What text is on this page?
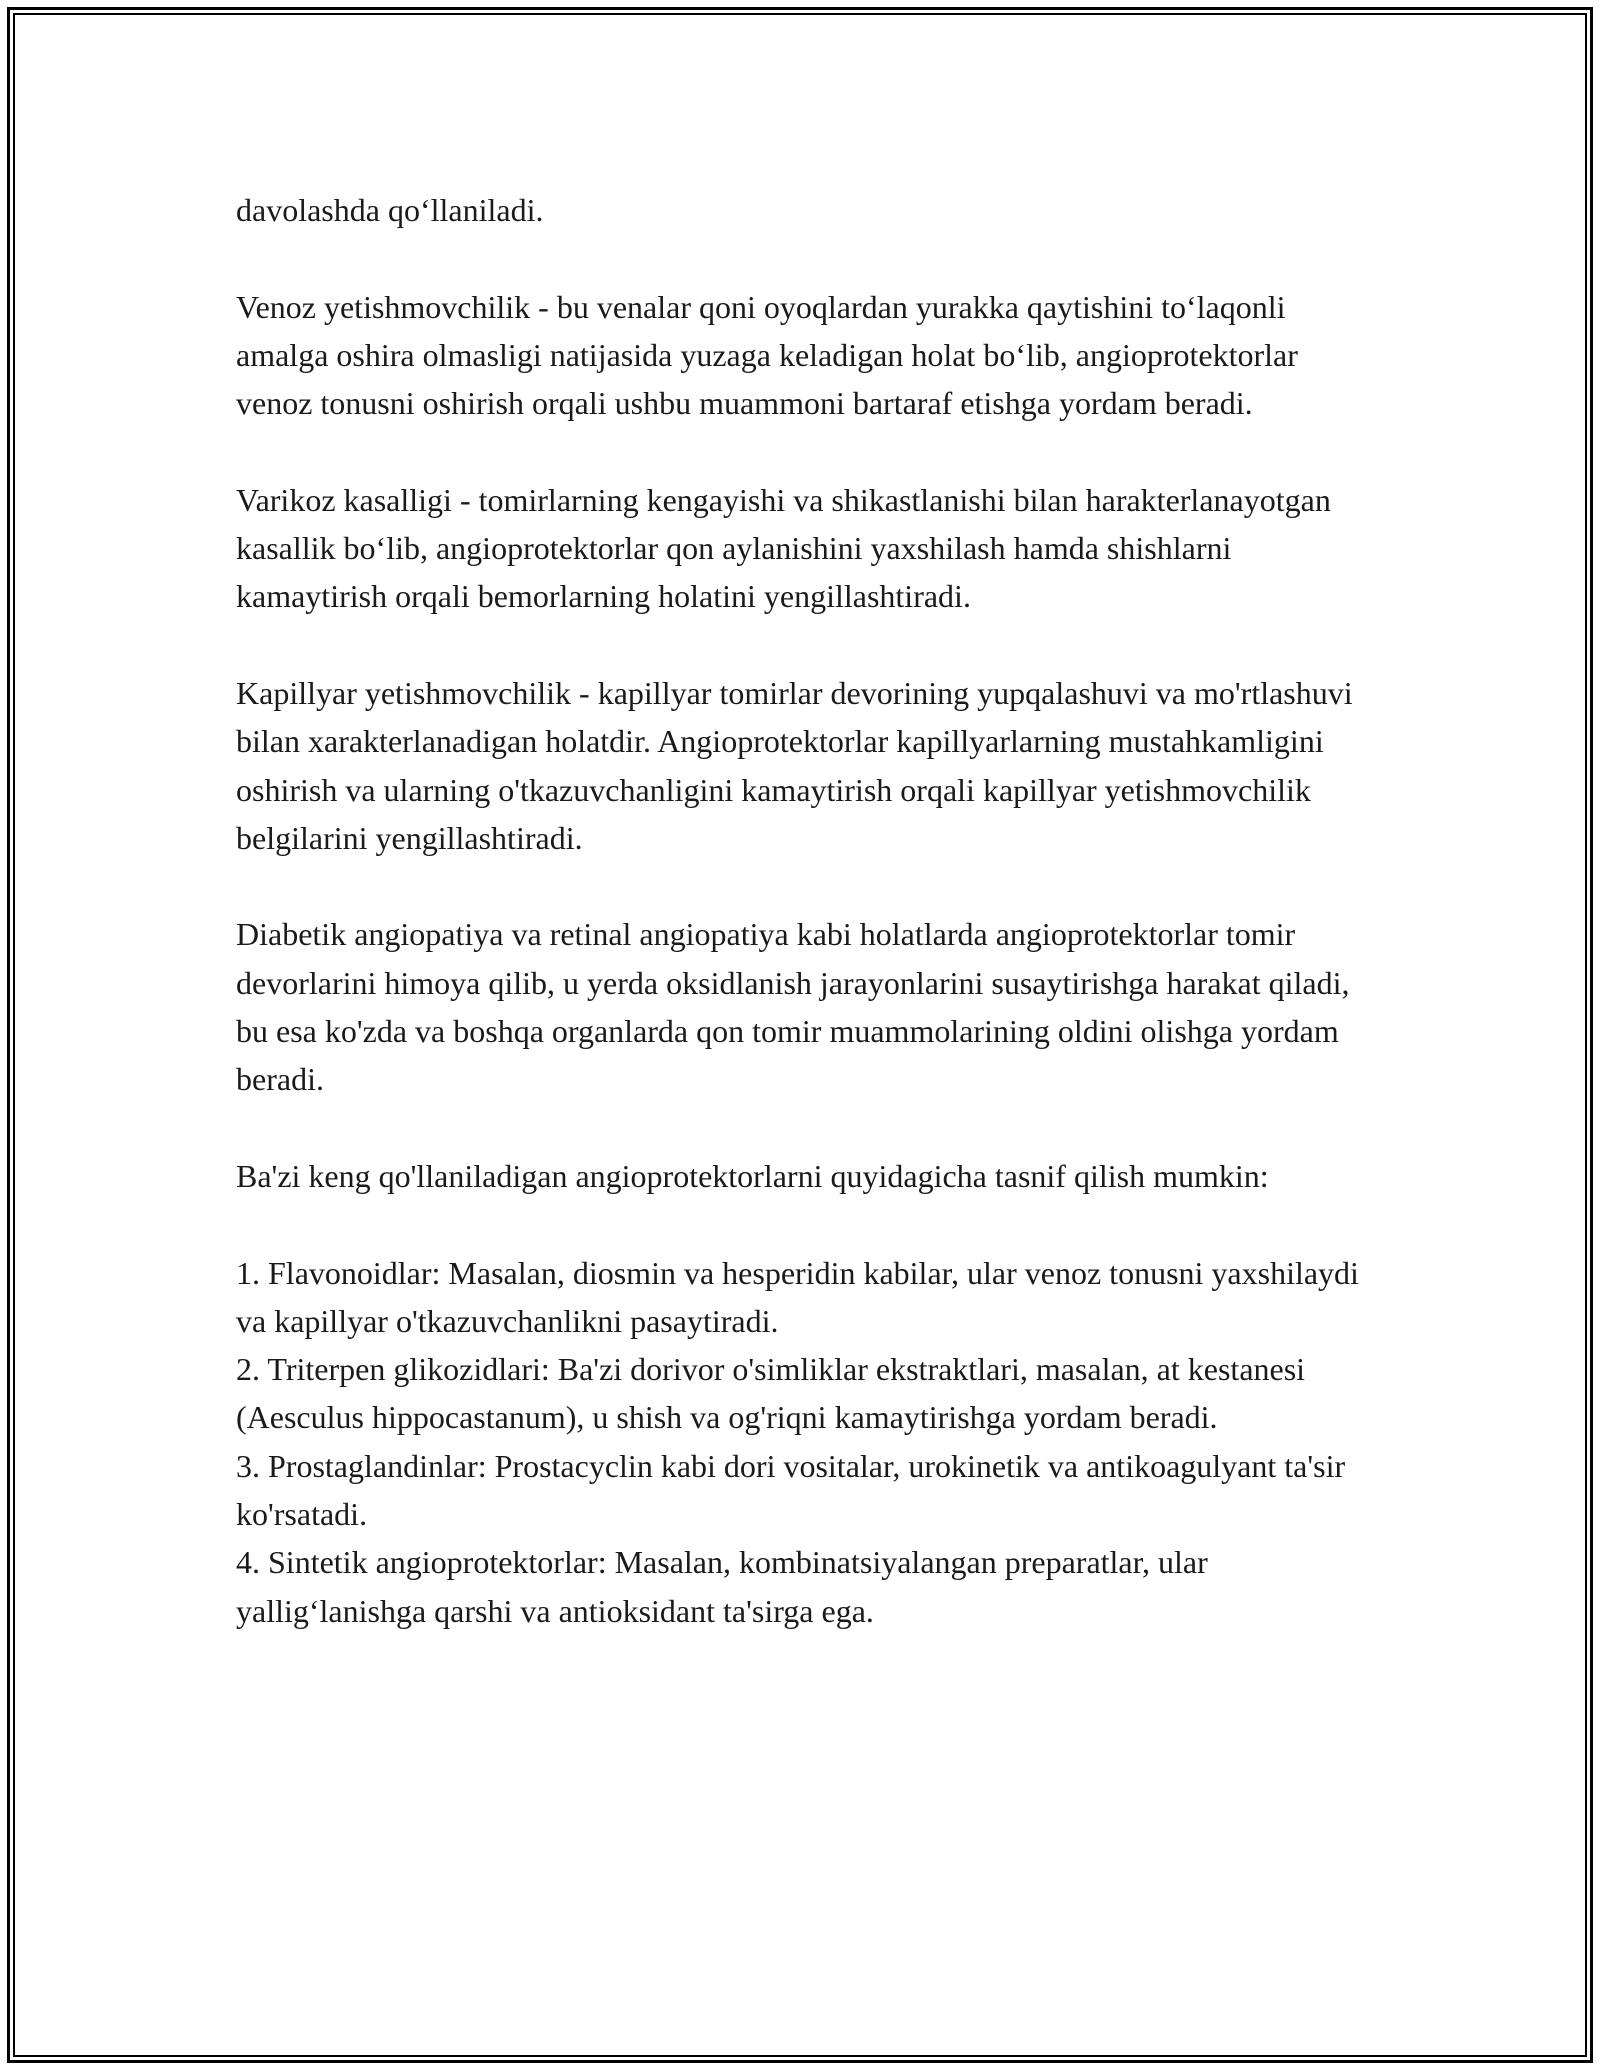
davolashda qo‘llaniladi.

Venoz yetishmovchilik - bu venalar qoni oyoqlardan yurakka qaytishini to‘laqonli amalga oshira olmasligi natijasida yuzaga keladigan holat bo‘lib, angioprotektorlar venoz tonusni oshirish orqali ushbu muammoni bartaraf etishga yordam beradi.

Varikoz kasalligi - tomirlarning kengayishi va shikastlanishi bilan harakterlanayotgan kasallik bo‘lib, angioprotektorlar qon aylanishini yaxshilash hamda shishlarni kamaytirish orqali bemorlarning holatini yengillashtiradi.

Kapillyar yetishmovchilik - kapillyar tomirlar devorining yupqalashuvi va mo'rtlashuvi bilan xarakterlanadigan holatdir. Angioprotektorlar kapillyarlarning mustahkamligini oshirish va ularning o'tkazuvchanligini kamaytirish orqali kapillyar yetishmovchilik belgilarini yengillashtiradi.

Diabetik angiopatiya va retinal angiopatiya kabi holatlarda angioprotektorlar tomir devorlarini himoya qilib, u yerda oksidlanish jarayonlarini susaytirishga harakat qiladi, bu esa ko'zda va boshqa organlarda qon tomir muammolarining oldini olishga yordam beradi.

Ba'zi keng qo'llaniladigan angioprotektorlarni quyidagicha tasnif qilish mumkin:

1. Flavonoidlar: Masalan, diosmin va hesperidin kabilar, ular venoz tonusni yaxshilaydi va kapillyar o'tkazuvchanlikni pasaytiradi.

2. Triterpen glikozidlari: Ba'zi dorivor o'simliklar ekstraktlari, masalan, at kestanesi (Aesculus hippocastanum), u shish va og'riqni kamaytirishga yordam beradi.

3. Prostaglandinlar: Prostacyclin kabi dori vositalar, urokinetik va antikoagulyant ta'sir ko'rsatadi.

4. Sintetik angioprotektorlar: Masalan, kombinatsiyalangan preparatlar, ular yallig‘lanishga qarshi va antioksidant ta'sirga ega.
